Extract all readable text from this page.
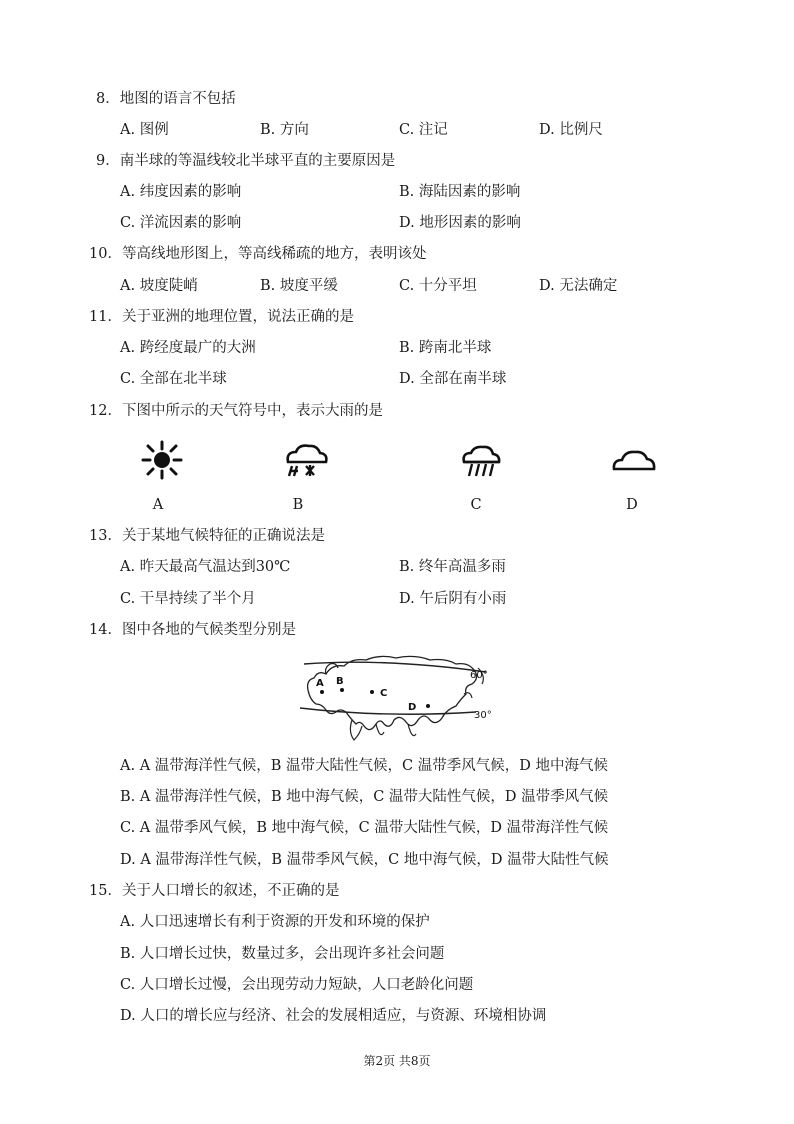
8．地图的语言不包括
A. 图例	B. 方向	C. 注记	D. 比例尺
9．南半球的等温线较北半球平直的主要原因是
A. 纬度因素的影响	B. 海陆因素的影响
C. 洋流因素的影响	D. 地形因素的影响
10．等高线地形图上，等高线稀疏的地方，表明该处
A. 坡度陡峭	B. 坡度平缓	C. 十分平坦	D. 无法确定
11．关于亚洲的地理位置，说法正确的是
A. 跨经度最广的大洲	B. 跨南北半球
C. 全部在北半球	D. 全部在南半球
12．下图中所示的天气符号中，表示大雨的是
A	B	C	D
13．关于某地气候特征的正确说法是
A. 昨天最高气温达到30℃	B. 终年高温多雨
C. 干旱持续了半个月	D. 午后阴有小雨
14．图中各地的气候类型分别是
A B
C
D
60°
30°
A. A 温带海洋性气候，B 温带大陆性气候，C 温带季风气候，D 地中海气候
B. A 温带海洋性气候，B 地中海气候，C 温带大陆性气候，D 温带季风气候
C. A 温带季风气候，B 地中海气候，C 温带大陆性气候，D 温带海洋性气候
D. A 温带海洋性气候，B 温带季风气候，C 地中海气候，D 温带大陆性气候
15．关于人口增长的叙述，不正确的是
A. 人口迅速增长有利于资源的开发和环境的保护
B. 人口增长过快，数量过多，会出现许多社会问题
C. 人口增长过慢，会出现劳动力短缺，人口老龄化问题
D. 人口的增长应与经济、社会的发展相适应，与资源、环境相协调
第2页 共8页
